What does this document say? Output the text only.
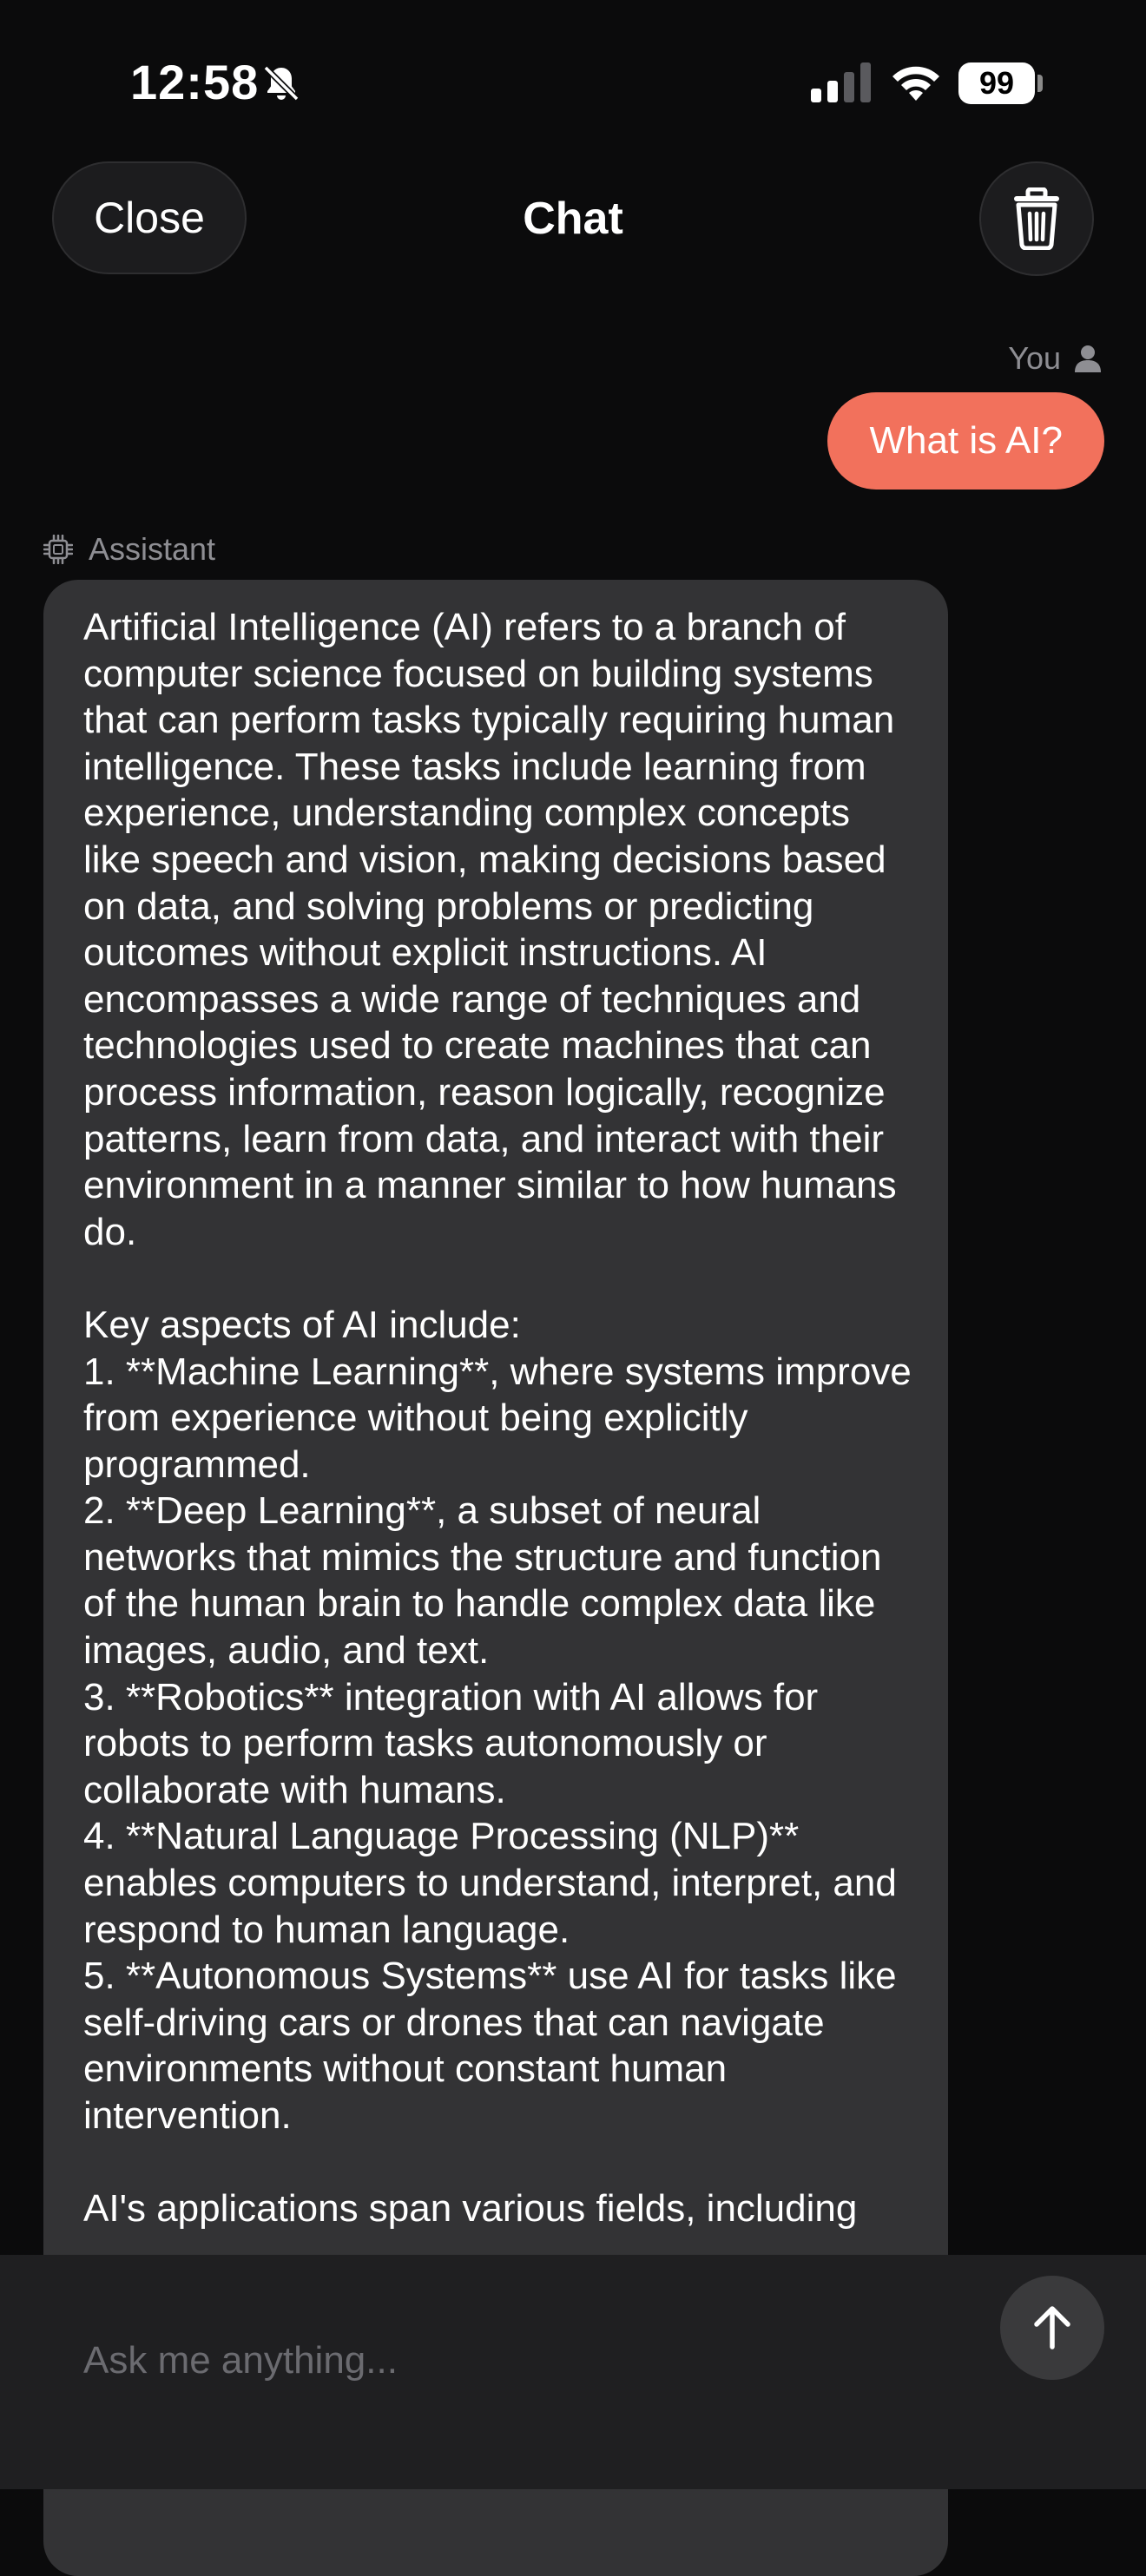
12:58	99
Close	Chat
You
What is AI?
Assistant

Artificial Intelligence (AI) refers to a branch of computer science focused on building systems that can perform tasks typically requiring human intelligence. These tasks include learning from experience, understanding complex concepts like speech and vision, making decisions based on data, and solving problems or predicting outcomes without explicit instructions. AI encompasses a wide range of techniques and technologies used to create machines that can process information, reason logically, recognize patterns, learn from data, and interact with their environment in a manner similar to how humans do.

Key aspects of AI include:
1. **Machine Learning**, where systems improve from experience without being explicitly programmed.
2. **Deep Learning**, a subset of neural networks that mimics the structure and function of the human brain to handle complex data like images, audio, and text.
3. **Robotics** integration with AI allows for robots to perform tasks autonomously or collaborate with humans.
4. **Natural Language Processing (NLP)** enables computers to understand, interpret, and respond to human language.
5. **Autonomous Systems** use AI for tasks like self-driving cars or drones that can navigate environments without constant human intervention.

AI's applications span various fields, including

Ask me anything...
